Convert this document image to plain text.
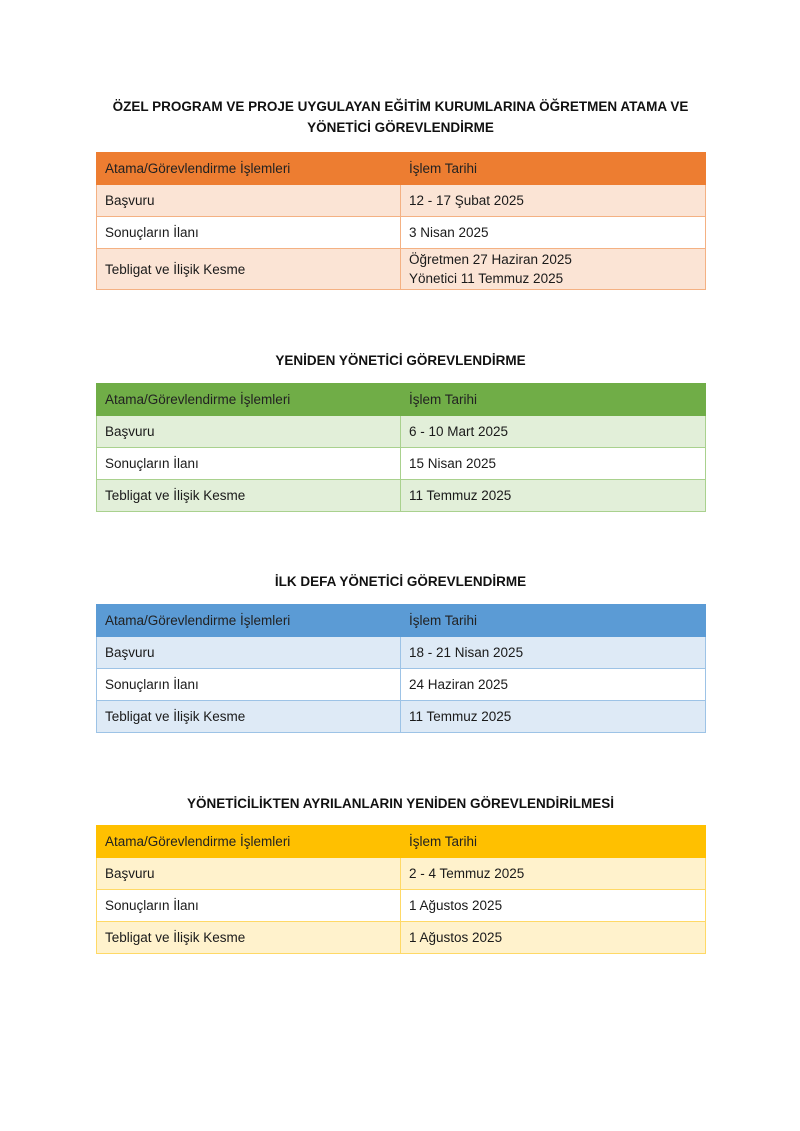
ÖZEL PROGRAM VE PROJE UYGULAYAN EĞİTİM KURUMLARINA ÖĞRETMEN ATAMA VE YÖNETİCİ GÖREVLENDİRME

Atama/Görevlendirme İşlemleri	İşlem Tarihi
Başvuru	12 - 17 Şubat 2025
Sonuçların İlanı	3 Nisan 2025
Tebligat ve İlişik Kesme	Öğretmen 27 Haziran 2025
Yönetici 11 Temmuz 2025

YENİDEN YÖNETİCİ GÖREVLENDİRME

Atama/Görevlendirme İşlemleri	İşlem Tarihi
Başvuru	6 - 10 Mart 2025
Sonuçların İlanı	15 Nisan 2025
Tebligat ve İlişik Kesme	11 Temmuz 2025

İLK DEFA YÖNETİCİ GÖREVLENDİRME

Atama/Görevlendirme İşlemleri	İşlem Tarihi
Başvuru	18 - 21 Nisan 2025
Sonuçların İlanı	24 Haziran 2025
Tebligat ve İlişik Kesme	11 Temmuz 2025

YÖNETİCİLİKTEN AYRILANLARIN YENİDEN GÖREVLENDİRİLMESİ

Atama/Görevlendirme İşlemleri	İşlem Tarihi
Başvuru	2 - 4 Temmuz 2025
Sonuçların İlanı	1 Ağustos 2025
Tebligat ve İlişik Kesme	1 Ağustos 2025
